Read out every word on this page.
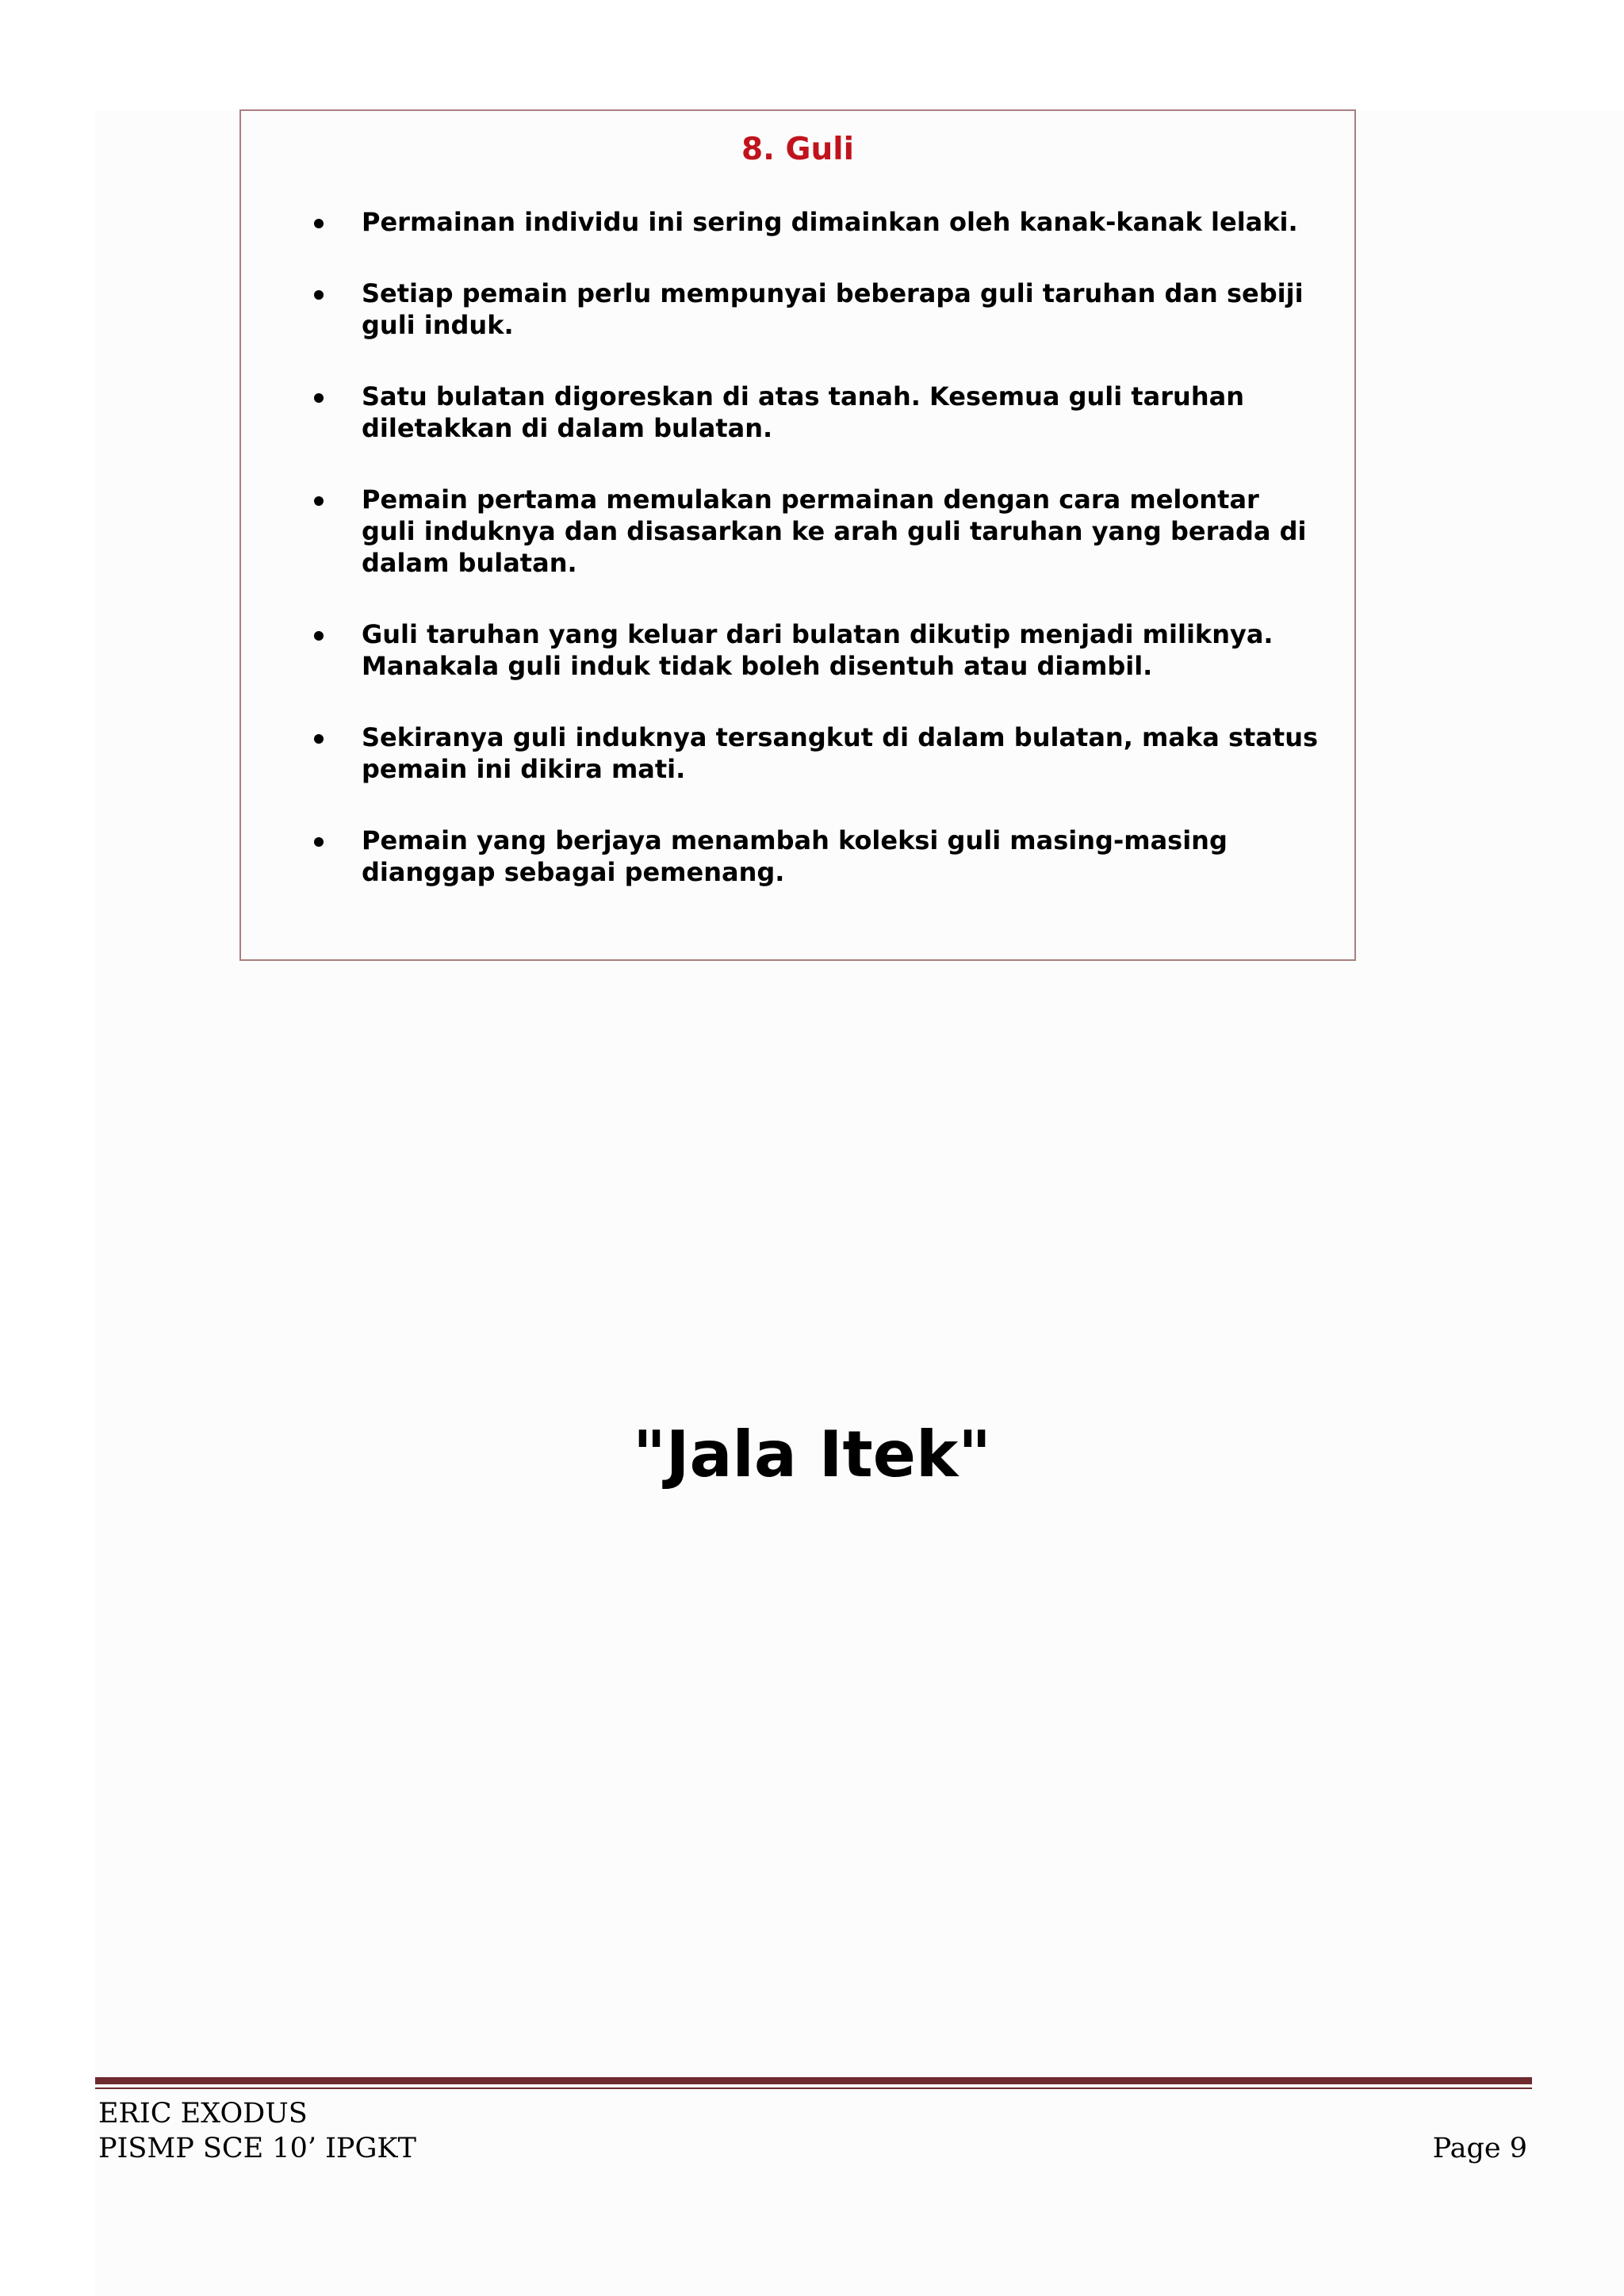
8. Guli
Permainan individu ini sering dimainkan oleh kanak-kanak lelaki.
Setiap pemain perlu mempunyai beberapa guli taruhan dan sebiji guli induk.
Satu bulatan digoreskan di atas tanah. Kesemua guli taruhan diletakkan di dalam bulatan.
Pemain pertama memulakan permainan dengan cara melontar guli induknya dan disasarkan ke arah guli taruhan yang berada di dalam bulatan.
Guli taruhan yang keluar dari bulatan dikutip menjadi miliknya. Manakala guli induk tidak boleh disentuh atau diambil.
Sekiranya guli induknya tersangkut di dalam bulatan, maka status pemain ini dikira mati.
Pemain yang berjaya menambah koleksi guli masing-masing dianggap sebagai pemenang.
"Jala Itek"
ERIC EXODUS
PISMP SCE 10’ IPGKT	Page 9
